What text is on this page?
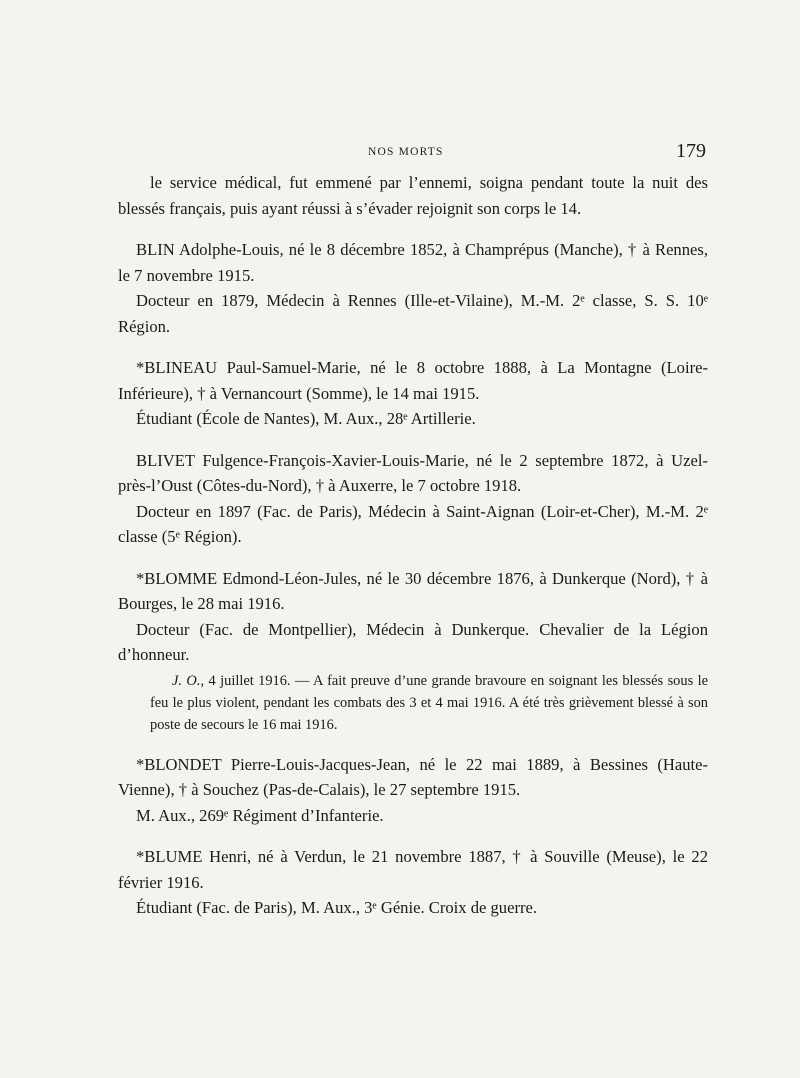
NOS MORTS	179

le service médical, fut emmené par l’ennemi, soigna pendant toute la nuit des blessés français, puis ayant réussi à s’évader rejoignit son corps le 14.

BLIN Adolphe-Louis, né le 8 décembre 1852, à Champrépus (Manche), † à Rennes, le 7 novembre 1915.

Docteur en 1879, Médecin à Rennes (Ille-et-Vilaine), M.-M. 2ᵉ classe, S. S. 10ᵉ Région.

*BLINEAU Paul-Samuel-Marie, né le 8 octobre 1888, à La Montagne (Loire-Inférieure), † à Vernancourt (Somme), le 14 mai 1915.

Étudiant (École de Nantes), M. Aux., 28ᵉ Artillerie.

BLIVET Fulgence-François-Xavier-Louis-Marie, né le 2 septembre 1872, à Uzel-près-l’Oust (Côtes-du-Nord), † à Auxerre, le 7 octobre 1918.

Docteur en 1897 (Fac. de Paris), Médecin à Saint-Aignan (Loir-et-Cher), M.-M. 2ᵉ classe (5ᵉ Région).

*BLOMME Edmond-Léon-Jules, né le 30 décembre 1876, à Dunkerque (Nord), † à Bourges, le 28 mai 1916.

Docteur (Fac. de Montpellier), Médecin à Dunkerque. Chevalier de la Légion d’honneur.

J. O., 4 juillet 1916. — A fait preuve d’une grande bravoure en soignant les blessés sous le feu le plus violent, pendant les combats des 3 et 4 mai 1916. A été très grièvement blessé à son poste de secours le 16 mai 1916.

*BLONDET Pierre-Louis-Jacques-Jean, né le 22 mai 1889, à Bessines (Haute-Vienne), † à Souchez (Pas-de-Calais), le 27 septembre 1915.

M. Aux., 269ᵉ Régiment d’Infanterie.

*BLUME Henri, né à Verdun, le 21 novembre 1887, † à Souville (Meuse), le 22 février 1916.

Étudiant (Fac. de Paris), M. Aux., 3ᵉ Génie. Croix de guerre.
